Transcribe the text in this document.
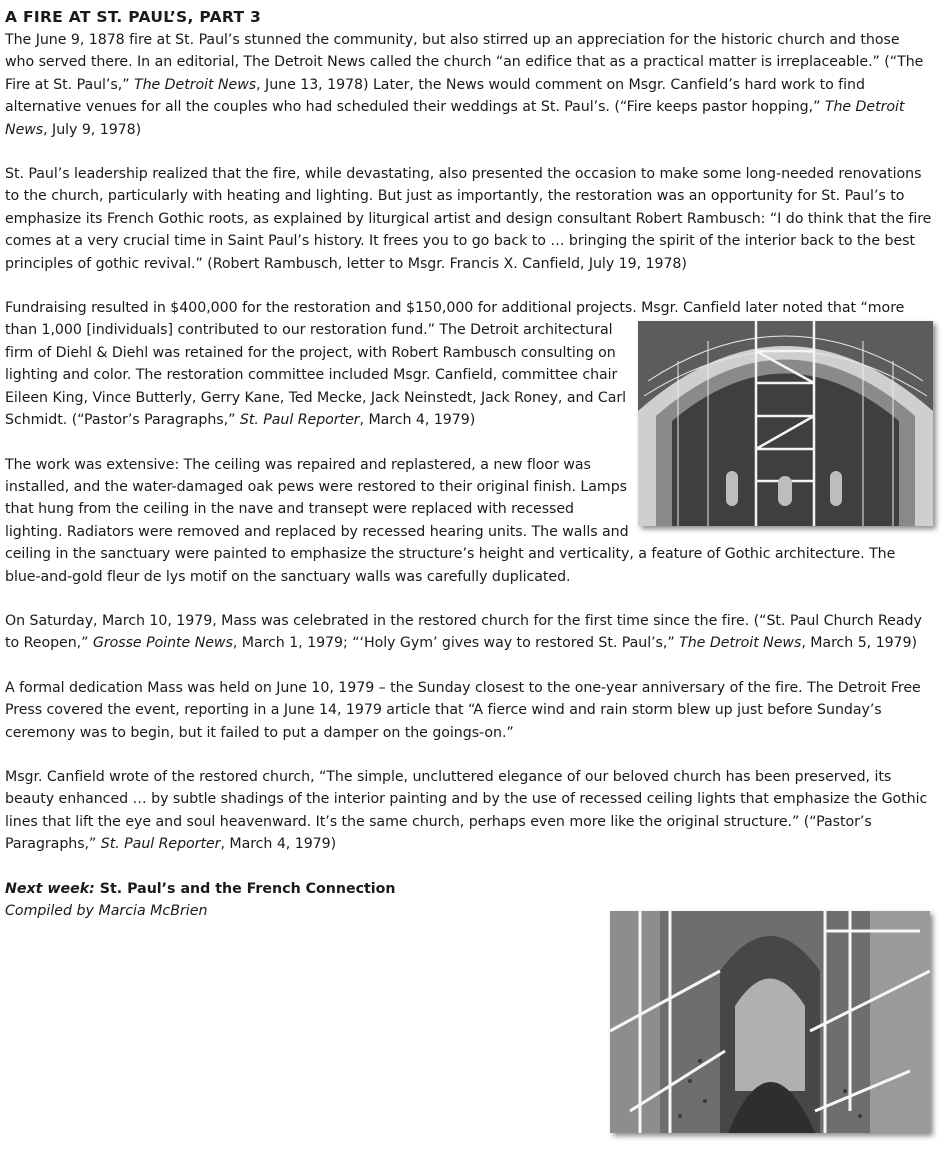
A FIRE AT ST. PAUL’S, PART 3

The June 9, 1878 fire at St. Paul’s stunned the community, but also stirred up an appreciation for the historic church and those who served there. In an editorial, The Detroit News called the church “an edifice that as a practical matter is irreplaceable.” (“The Fire at St. Paul’s,” The Detroit News, June 13, 1978) Later, the News would comment on Msgr. Canfield’s hard work to find alternative venues for all the couples who had scheduled their weddings at St. Paul’s. (“Fire keeps pastor hopping,” The Detroit News, July 9, 1978)

St. Paul’s leadership realized that the fire, while devastating, also presented the occasion to make some long-needed renovations to the church, particularly with heating and lighting. But just as importantly, the restoration was an opportunity for St. Paul’s to emphasize its French Gothic roots, as explained by liturgical artist and design consultant Robert Rambusch: “I do think that the fire comes at a very crucial time in Saint Paul’s history. It frees you to go back to … bringing the spirit of the interior back to the best principles of gothic revival.” (Robert Rambusch, letter to Msgr. Francis X. Canfield, July 19, 1978)

Fundraising resulted in $400,000 for the restoration and $150,000 for additional projects. Msgr. Canfield later noted that “more than 1,000 [individuals] contributed to our restoration fund.” The Detroit
architectural firm of Diehl & Diehl was retained for the project, with Robert Rambusch consulting on lighting and color. The restoration committee included Msgr. Canfield, committee chair Eileen King, Vince Butterly, Gerry Kane, Ted Mecke, Jack Neinstedt, Jack Roney, and Carl Schmidt. (“Pastor’s Paragraphs,” St. Paul Reporter, March 4, 1979)

The work was extensive: The ceiling was repaired and replastered, a new floor was installed, and the water-damaged oak pews were restored to their original finish. Lamps that hung from the ceiling in the nave and transept were replaced with recessed lighting. Radiators were removed and replaced by recessed hearing units. The walls and ceiling in the sanctuary were painted to emphasize the structure’s height and verticality, a feature of Gothic architecture. The blue-and-gold fleur de lys motif on the sanctuary walls was carefully duplicated.

On Saturday, March 10, 1979, Mass was celebrated in the restored church for the first time since the fire. (“St. Paul Church Ready to Reopen,” Grosse Pointe News, March 1, 1979; “‘Holy Gym’ gives way to restored St. Paul’s,” The Detroit News, March 5, 1979)

A formal dedication Mass was held on June 10, 1979 – the Sunday closest to the one-year anniversary of the fire. The Detroit Free Press covered the event, reporting in a June 14, 1979 article that “A fierce wind and rain storm blew up just before Sunday’s ceremony was to begin, but it failed to put a damper on the goings-on.”

Msgr. Canfield wrote of the restored church, “The simple, uncluttered elegance of our beloved church has been preserved, its beauty enhanced … by subtle shadings of the interior painting and by the use of recessed ceiling lights that emphasize the Gothic lines that lift the eye and soul heavenward. It’s the same church, perhaps even more like the original structure.” (“Pastor’s Paragraphs,” St. Paul Reporter, March 4, 1979)

Next week: St. Paul’s and the French Connection
Compiled by Marcia McBrien
